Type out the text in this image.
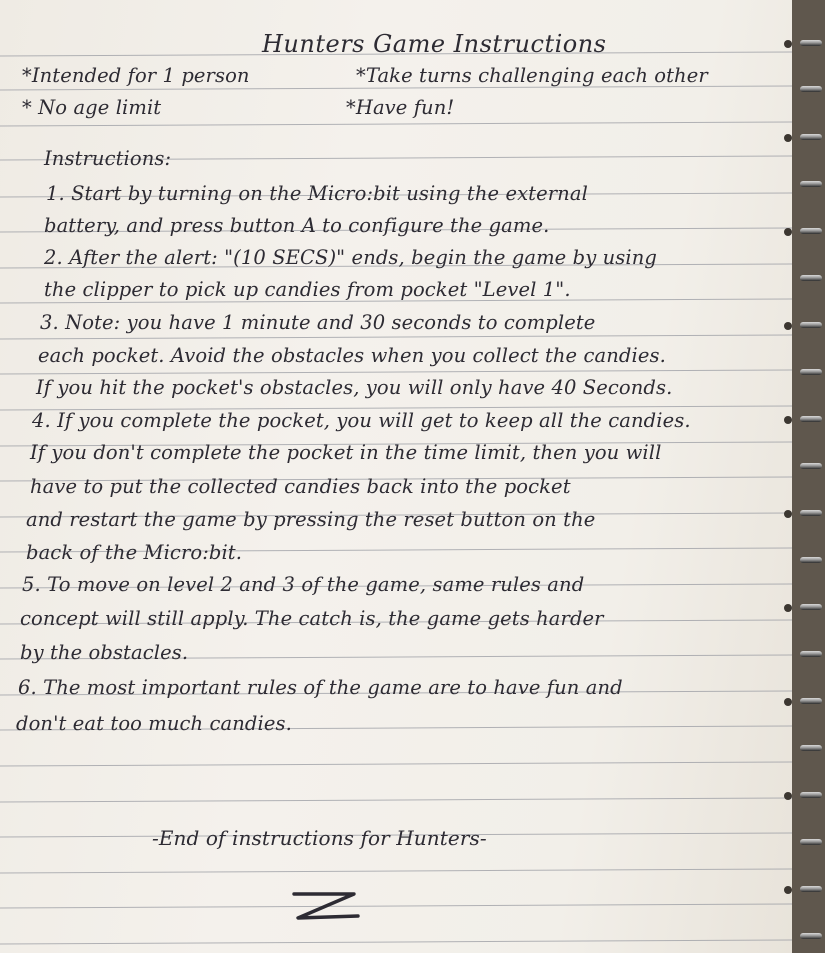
Hunters Game Instructions
*Intended for 1 person	*Take turns challenging each other
* No age limit	*Have fun!
Instructions:
1. Start by turning on the Micro:bit using the external
battery, and press button A to configure the game.
2. After the alert: "(10 SECS)" ends, begin the game by using
the clipper to pick up candies from pocket "Level 1".
3. Note: you have 1 minute and 30 seconds to complete
each pocket. Avoid the obstacles when you collect the candies.
If you hit the pocket's obstacles, you will only have 40 Seconds.
4. If you complete the pocket, you will get to keep all the candies.
If you don't complete the pocket in the time limit, then you will
have to put the collected candies back into the pocket
and restart the game by pressing the reset button on the
back of the Micro:bit.
5. To move on level 2 and 3 of the game, same rules and
concept will still apply. The catch is, the game gets harder
by the obstacles.
6. The most important rules of the game are to have fun and
don't eat too much candies.
-End of instructions for Hunters-
